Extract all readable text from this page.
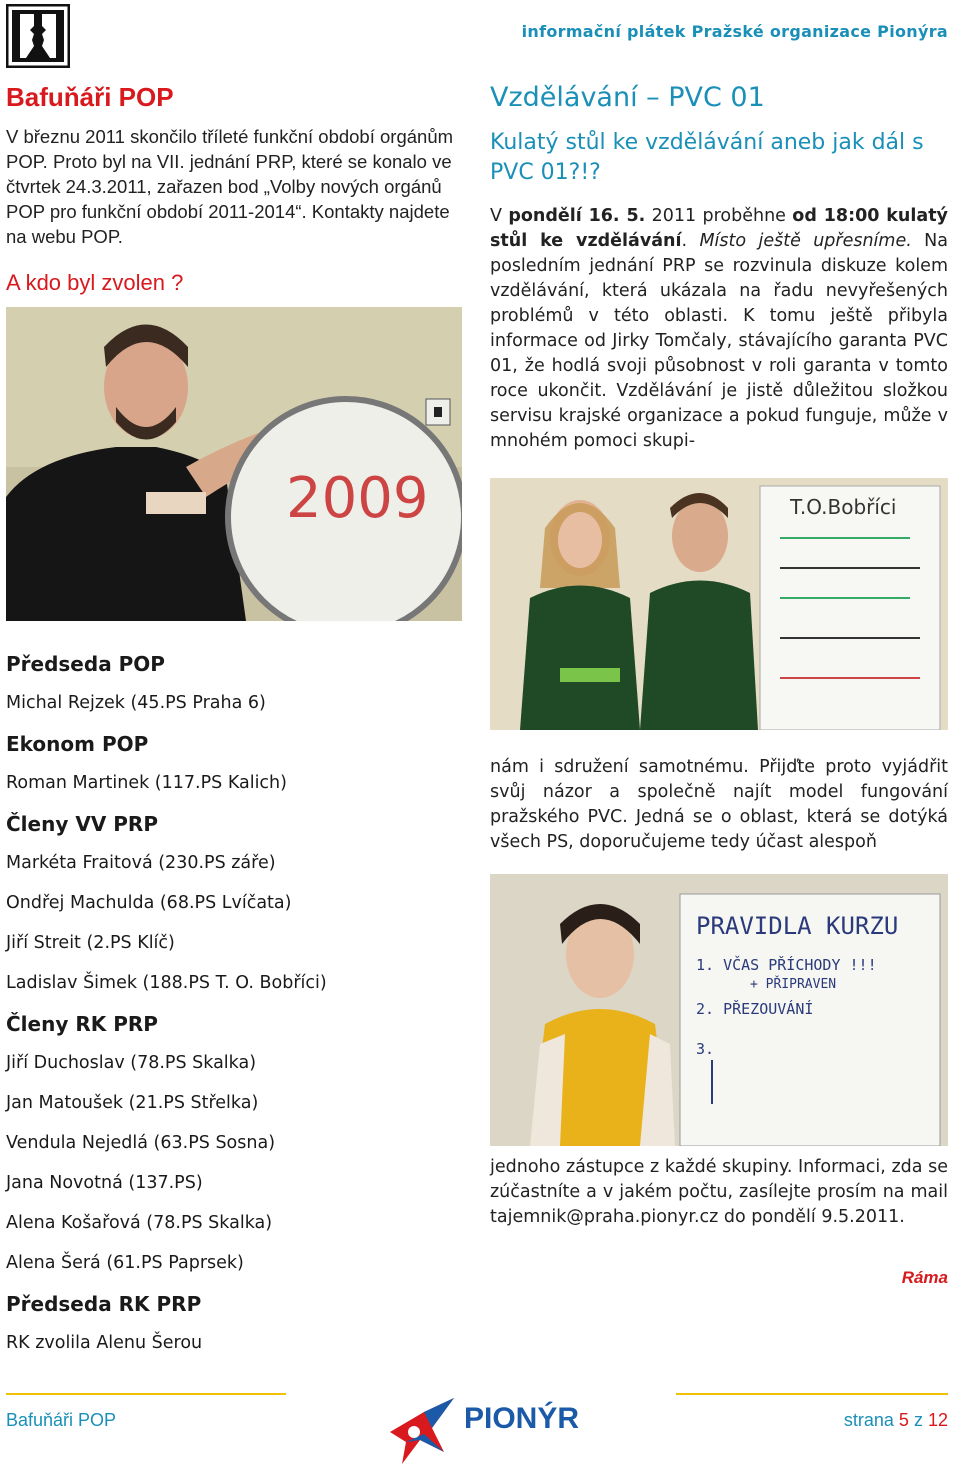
informační plátek Pražské organizace Pionýra
Bafuňáři POP
V březnu 2011 skončilo tříleté funkční období orgánům POP. Proto byl na VII. jednání PRP, které se konalo ve čtvrtek 24.3.2011, zařazen bod „Volby nových orgánů POP pro funkční období 2011-2014“. Kontakty najdete na webu POP.
A kdo byl zvolen ?
2009
Předseda POP
Michal Rejzek (45.PS Praha 6)
Ekonom POP
Roman Martinek (117.PS Kalich)
Členy VV PRP
Markéta Fraitová (230.PS záře)
Ondřej Machulda (68.PS Lvíčata)
Jiří Streit (2.PS Klíč)
Ladislav Šimek (188.PS T. O. Bobříci)
Členy RK PRP
Jiří Duchoslav (78.PS Skalka)
Jan Matoušek (21.PS Střelka)
Vendula Nejedlá (63.PS Sosna)
Jana Novotná (137.PS)
Alena Košařová (78.PS Skalka)
Alena Šerá (61.PS Paprsek)
Předseda RK PRP
RK zvolila Alenu Šerou
Vzdělávání – PVC 01
Kulatý stůl ke vzdělávání aneb jak dál s PVC 01?!?
V pondělí 16. 5. 2011 proběhne od 18:00 kulatý stůl ke vzdělávání. Místo ještě upřesníme. Na posledním jednání PRP se rozvinula diskuze kolem vzdělávání, která ukázala na řadu nevyřešených problémů v této oblasti. K tomu ještě přibyla informace od Jirky Tomčaly, stávajícího garanta PVC 01, že hodlá svoji působnost v roli garanta v tomto roce ukončit. Vzdělávání je jistě důležitou složkou servisu krajské organizace a pokud funguje, může v mnohém pomoci skupi-
T.O.Bobříci
nám i sdružení samotnému. Přijďte proto vyjádřit svůj názor a společně najít model fungování pražského PVC. Jedná se o oblast, která se dotýká všech PS, doporučujeme tedy účast alespoň
PRAVIDLA KURZU
1. VČAS PŘÍCHODY !!!
+ PŘIPRAVEN
2. PŘEZOUVÁNÍ
3.
jednoho zástupce z každé skupiny. Informaci, zda se zúčastníte a v jakém počtu, zasílejte prosím na mail tajemnik@praha.pionyr.cz do pondělí 9.5.2011.
Ráma
Bafuňáři POP	PIONÝR	strana 5 z 12
